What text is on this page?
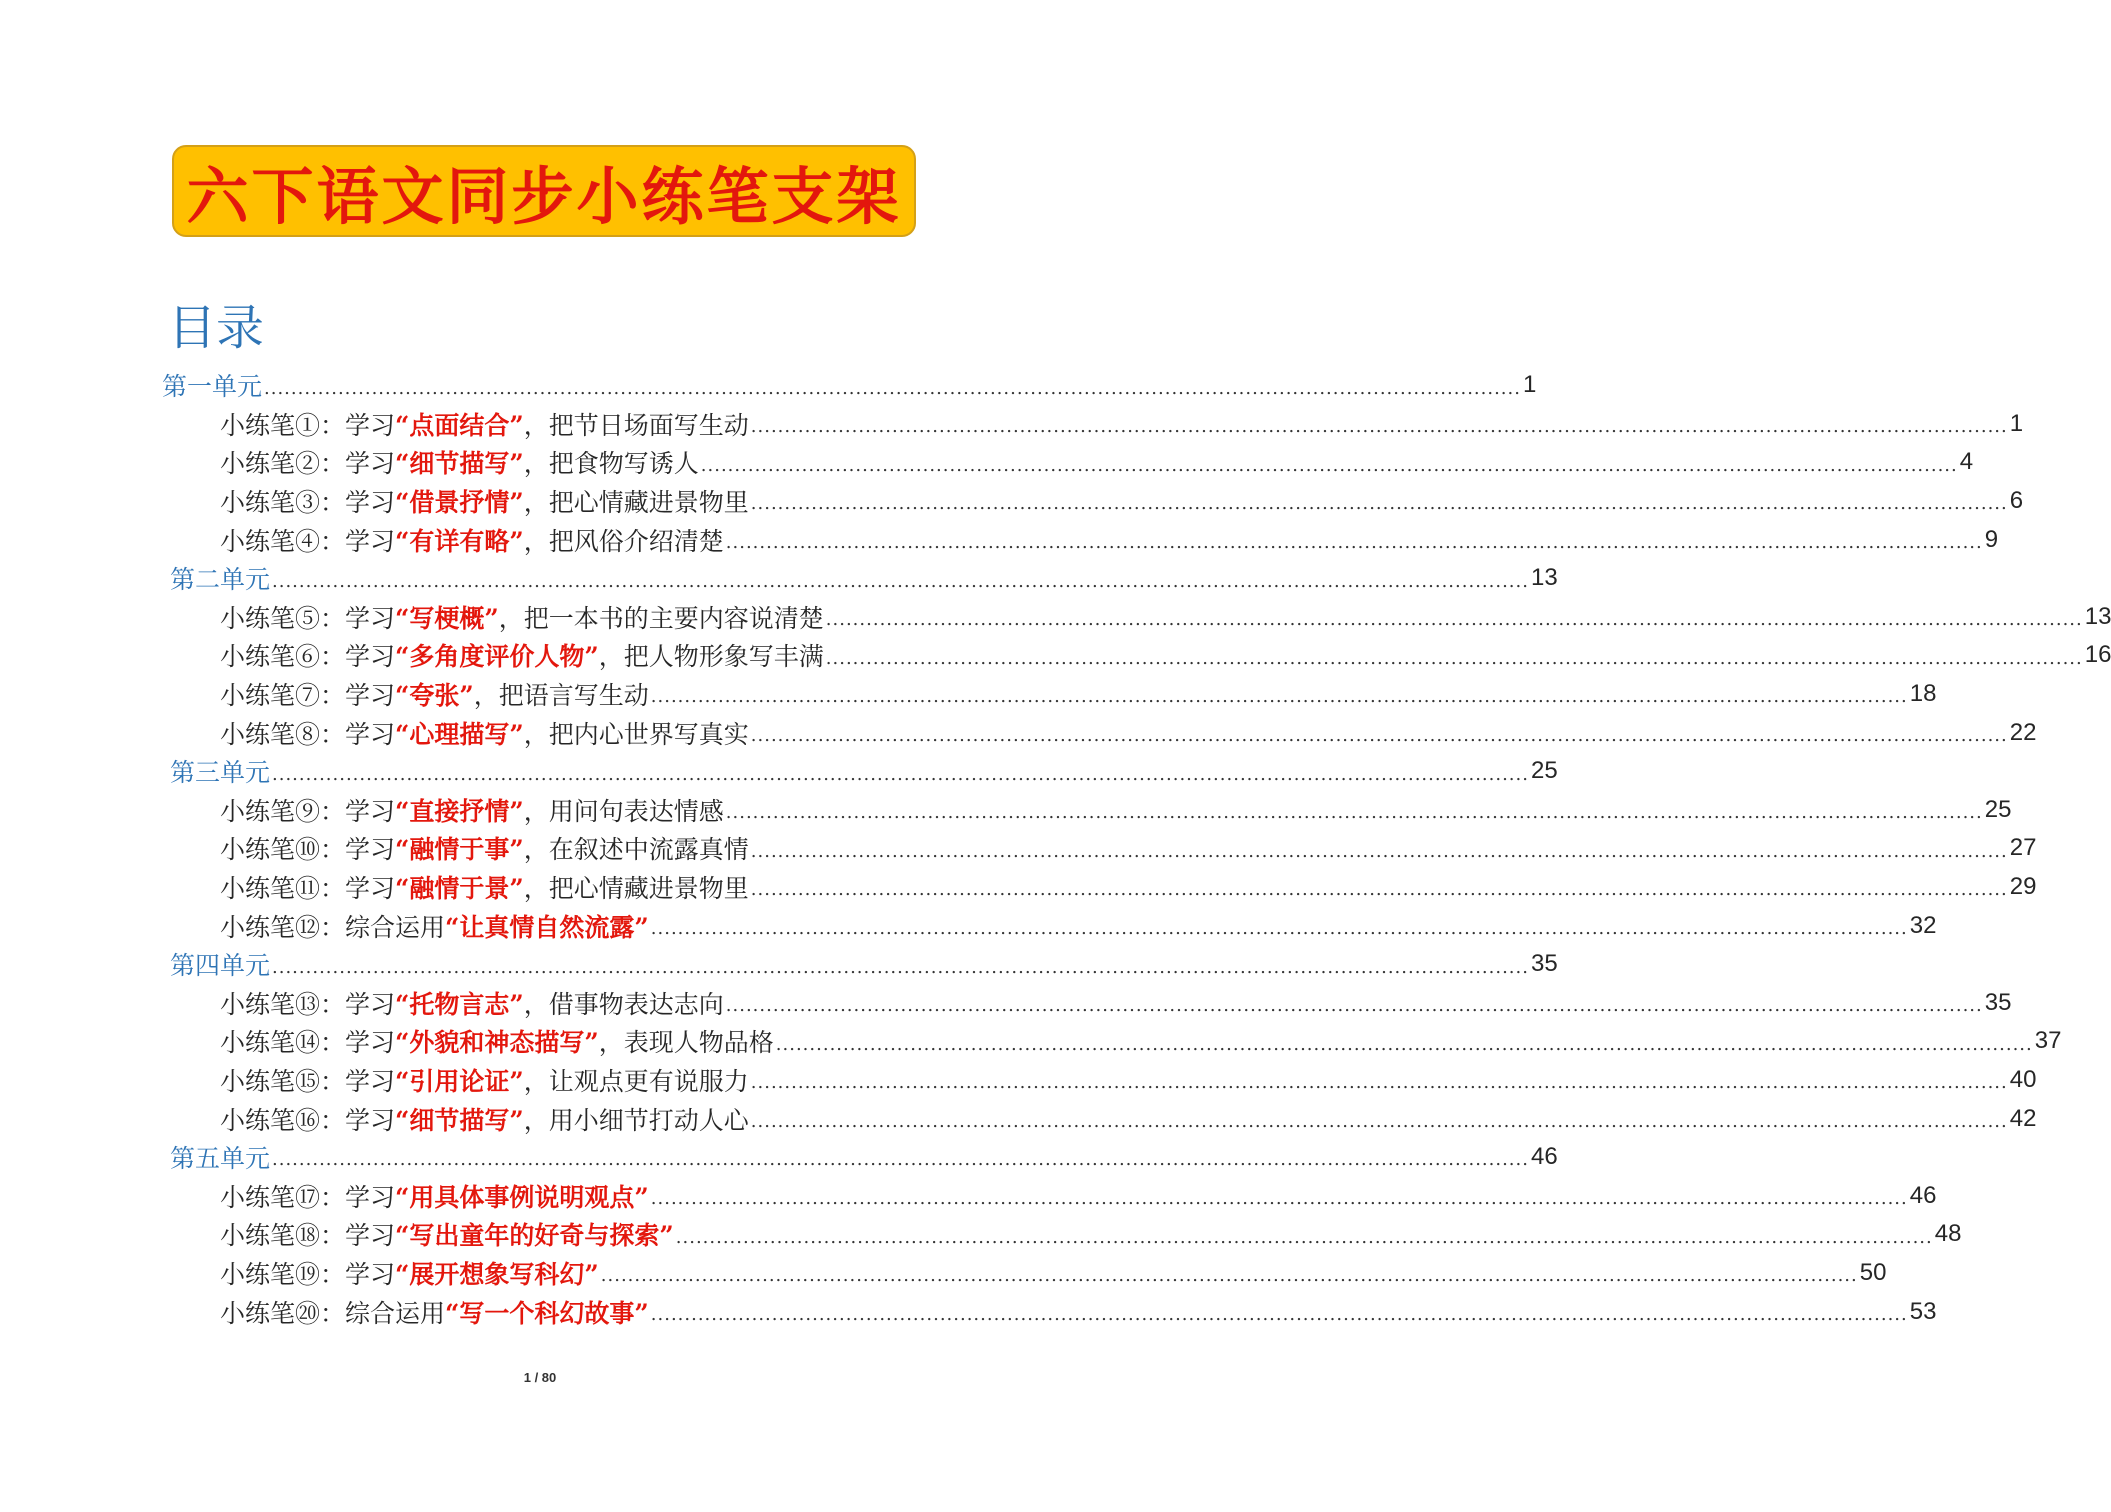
六下语文同步小练笔支架
目录
第一单元 ........................................................................................................................................................................................... 1
小练笔①：学习“点面结合”，把节日场面写生动 ........................................................................................................................................................................................... 1
小练笔②：学习“细节描写”，把食物写诱人 ........................................................................................................................................................................................... 4
小练笔③：学习“借景抒情”，把心情藏进景物里 ........................................................................................................................................................................................... 6
小练笔④：学习“有详有略”，把风俗介绍清楚 ........................................................................................................................................................................................... 9
第二单元 ........................................................................................................................................................................................... 13
小练笔⑤：学习“写梗概”，把一本书的主要内容说清楚 ........................................................................................................................................................................................... 13
小练笔⑥：学习“多角度评价人物”，把人物形象写丰满 ........................................................................................................................................................................................... 16
小练笔⑦：学习“夸张”，把语言写生动 ........................................................................................................................................................................................... 18
小练笔⑧：学习“心理描写”，把内心世界写真实 ........................................................................................................................................................................................... 22
第三单元 ........................................................................................................................................................................................... 25
小练笔⑨：学习“直接抒情”，用问句表达情感 ........................................................................................................................................................................................... 25
小练笔⑩：学习“融情于事”，在叙述中流露真情 ........................................................................................................................................................................................... 27
小练笔⑪：学习“融情于景”，把心情藏进景物里 ........................................................................................................................................................................................... 29
小练笔⑫：综合运用“让真情自然流露” ........................................................................................................................................................................................... 32
第四单元 ........................................................................................................................................................................................... 35
小练笔⑬：学习“托物言志”，借事物表达志向 ........................................................................................................................................................................................... 35
小练笔⑭：学习“外貌和神态描写”，表现人物品格 ........................................................................................................................................................................................... 37
小练笔⑮：学习“引用论证”，让观点更有说服力 ........................................................................................................................................................................................... 40
小练笔⑯：学习“细节描写”，用小细节打动人心 ........................................................................................................................................................................................... 42
第五单元 ........................................................................................................................................................................................... 46
小练笔⑰：学习“用具体事例说明观点” ........................................................................................................................................................................................... 46
小练笔⑱：学习“写出童年的好奇与探索” ........................................................................................................................................................................................... 48
小练笔⑲：学习“展开想象写科幻” ........................................................................................................................................................................................... 50
小练笔⑳：综合运用“写一个科幻故事” ........................................................................................................................................................................................... 53
1 / 80
